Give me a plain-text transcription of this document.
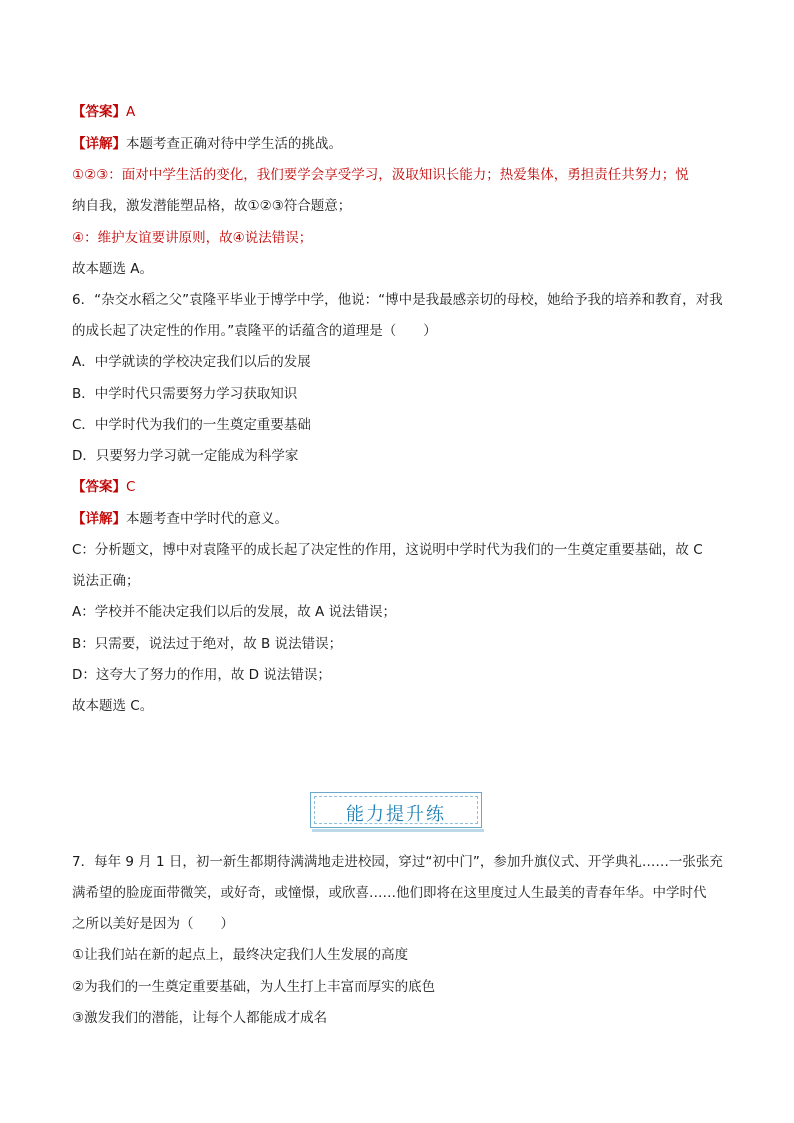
【答案】A
【详解】本题考查正确对待中学生活的挑战。
①②③：面对中学生活的变化，我们要学会享受学习，汲取知识长能力；热爱集体，勇担责任共努力；悦
纳自我，激发潜能塑品格，故①②③符合题意；
④：维护友谊要讲原则，故④说法错误；
故本题选 A。
6．“杂交水稻之父”袁隆平毕业于博学中学，他说：“博中是我最感亲切的母校，她给予我的培养和教育，对我
的成长起了决定性的作用。”袁隆平的话蕴含的道理是（　　）
A．中学就读的学校决定我们以后的发展
B．中学时代只需要努力学习获取知识
C．中学时代为我们的一生奠定重要基础
D．只要努力学习就一定能成为科学家
【答案】C
【详解】本题考查中学时代的意义。
C：分析题文，博中对袁隆平的成长起了决定性的作用，这说明中学时代为我们的一生奠定重要基础，故 C
说法正确；
A：学校并不能决定我们以后的发展，故 A 说法错误；
B：只需要，说法过于绝对，故 B 说法错误；
D：这夸大了努力的作用，故 D 说法错误；
故本题选 C。
能力提升练
7．每年 9 月 1 日，初一新生都期待满满地走进校园，穿过“初中门”，参加升旗仪式、开学典礼……一张张充
满希望的脸庞面带微笑，或好奇，或憧憬，或欣喜……他们即将在这里度过人生最美的青春年华。中学时代
之所以美好是因为（　　）
①让我们站在新的起点上，最终决定我们人生发展的高度
②为我们的一生奠定重要基础，为人生打上丰富而厚实的底色
③激发我们的潜能，让每个人都能成才成名
